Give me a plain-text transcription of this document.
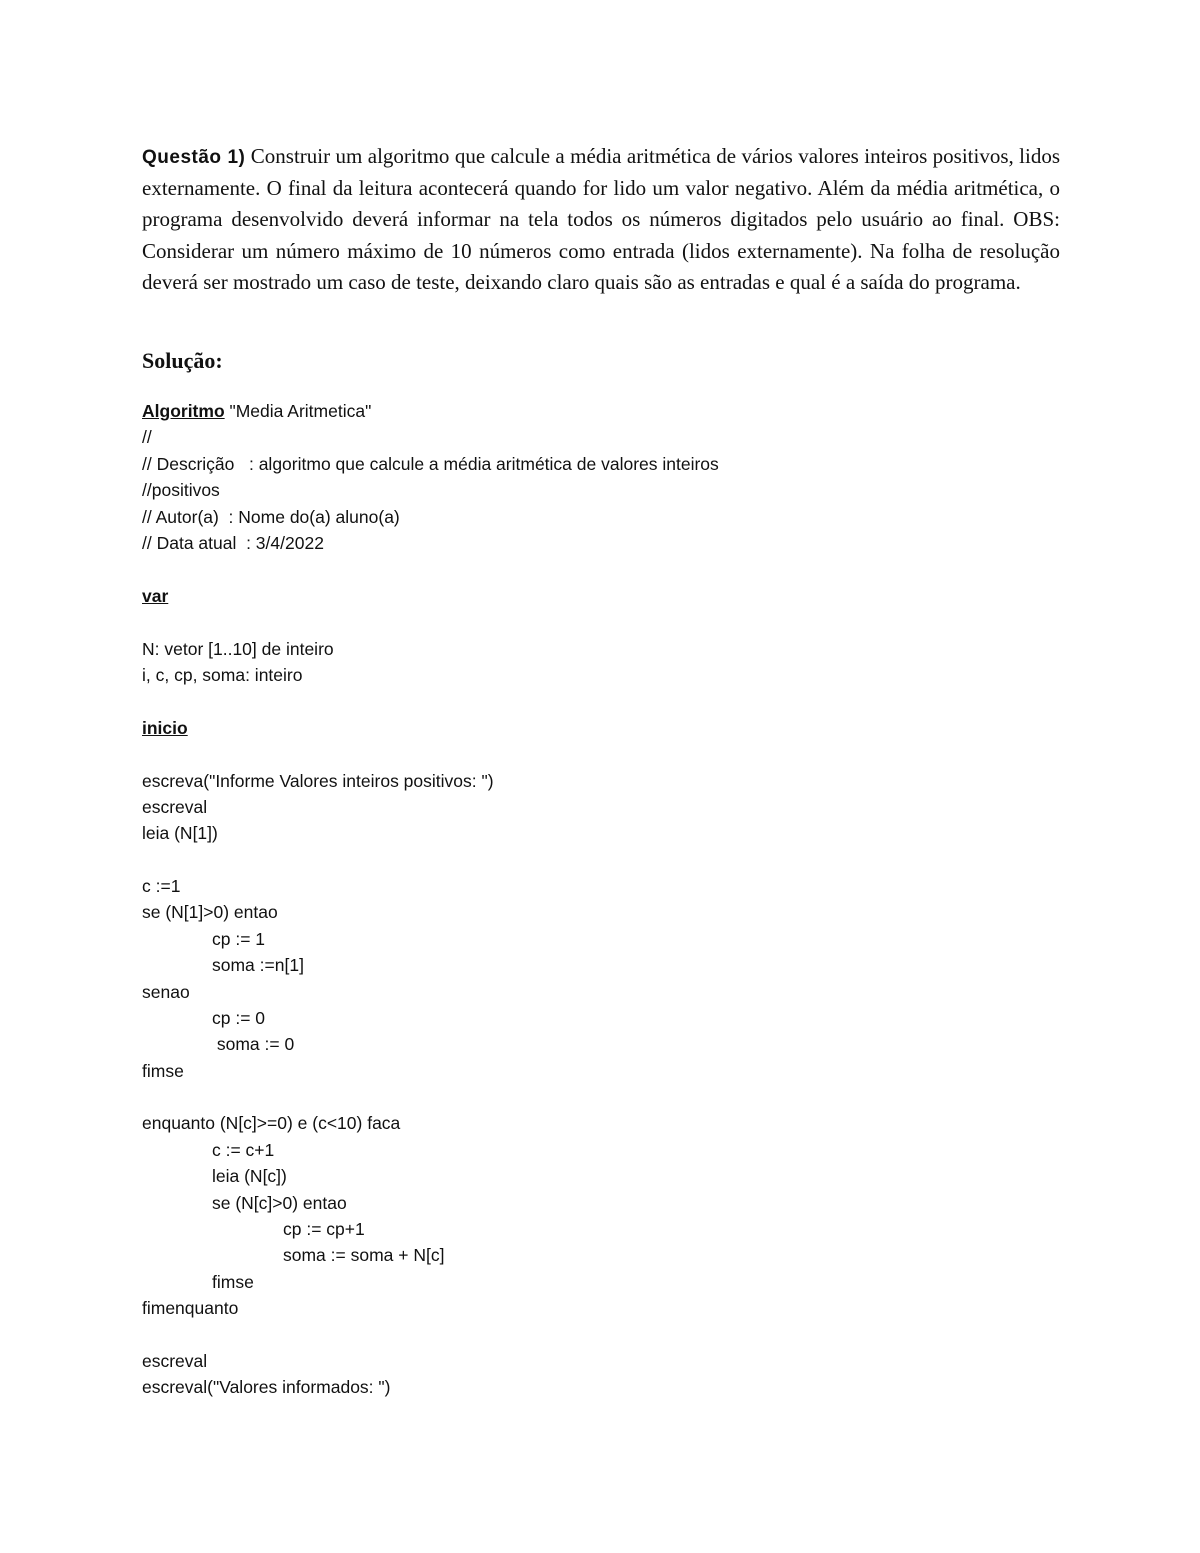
Questão 1) Construir um algoritmo que calcule a média aritmética de vários valores inteiros positivos, lidos externamente. O final da leitura acontecerá quando for lido um valor negativo. Além da média aritmética, o programa desenvolvido deverá informar na tela todos os números digitados pelo usuário ao final. OBS: Considerar um número máximo de 10 números como entrada (lidos externamente). Na folha de resolução deverá ser mostrado um caso de teste, deixando claro quais são as entradas e qual é a saída do programa.
Solução:
Algoritmo "Media Aritmetica"
//
// Descrição   : algoritmo que calcule a média aritmética de valores inteiros
//positivos
// Autor(a)  : Nome do(a) aluno(a)
// Data atual  : 3/4/2022
var
N: vetor [1..10] de inteiro
i, c, cp, soma: inteiro
inicio
escreva("Informe Valores inteiros positivos: ")
escreval
leia (N[1])
c :=1
se (N[1]>0) entao
cp := 1
soma :=n[1]
senao
cp := 0
soma := 0
fimse
enquanto (N[c]>=0) e (c<10) faca
c := c+1
leia (N[c])
se (N[c]>0) entao
cp := cp+1
soma := soma + N[c]
fimse
fimenquanto
escreval
escreval("Valores informados: ")
